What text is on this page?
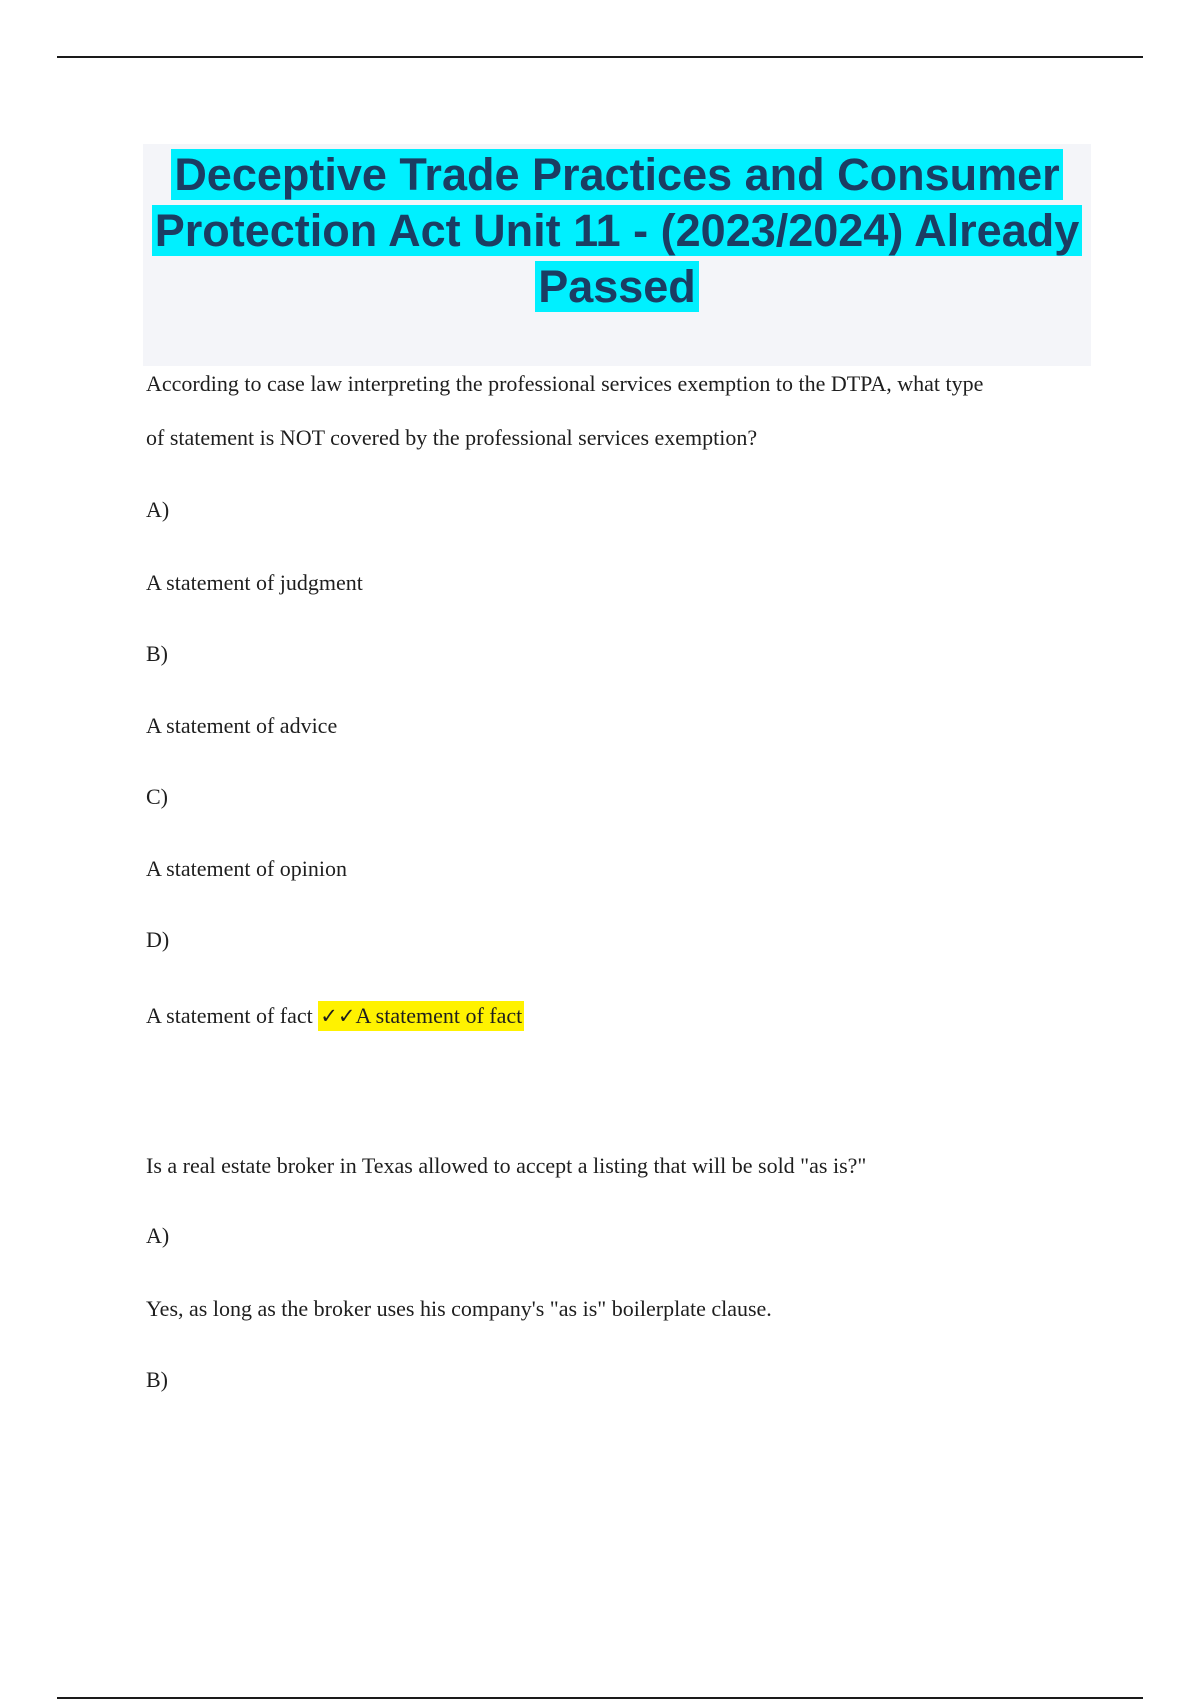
Deceptive Trade Practices and Consumer Protection Act Unit 11 - (2023/2024) Already Passed
According to case law interpreting the professional services exemption to the DTPA, what type
of statement is NOT covered by the professional services exemption?
A)
A statement of judgment
B)
A statement of advice
C)
A statement of opinion
D)
A statement of fact ✓✓A statement of fact
Is a real estate broker in Texas allowed to accept a listing that will be sold "as is?"
A)
Yes, as long as the broker uses his company's "as is" boilerplate clause.
B)
